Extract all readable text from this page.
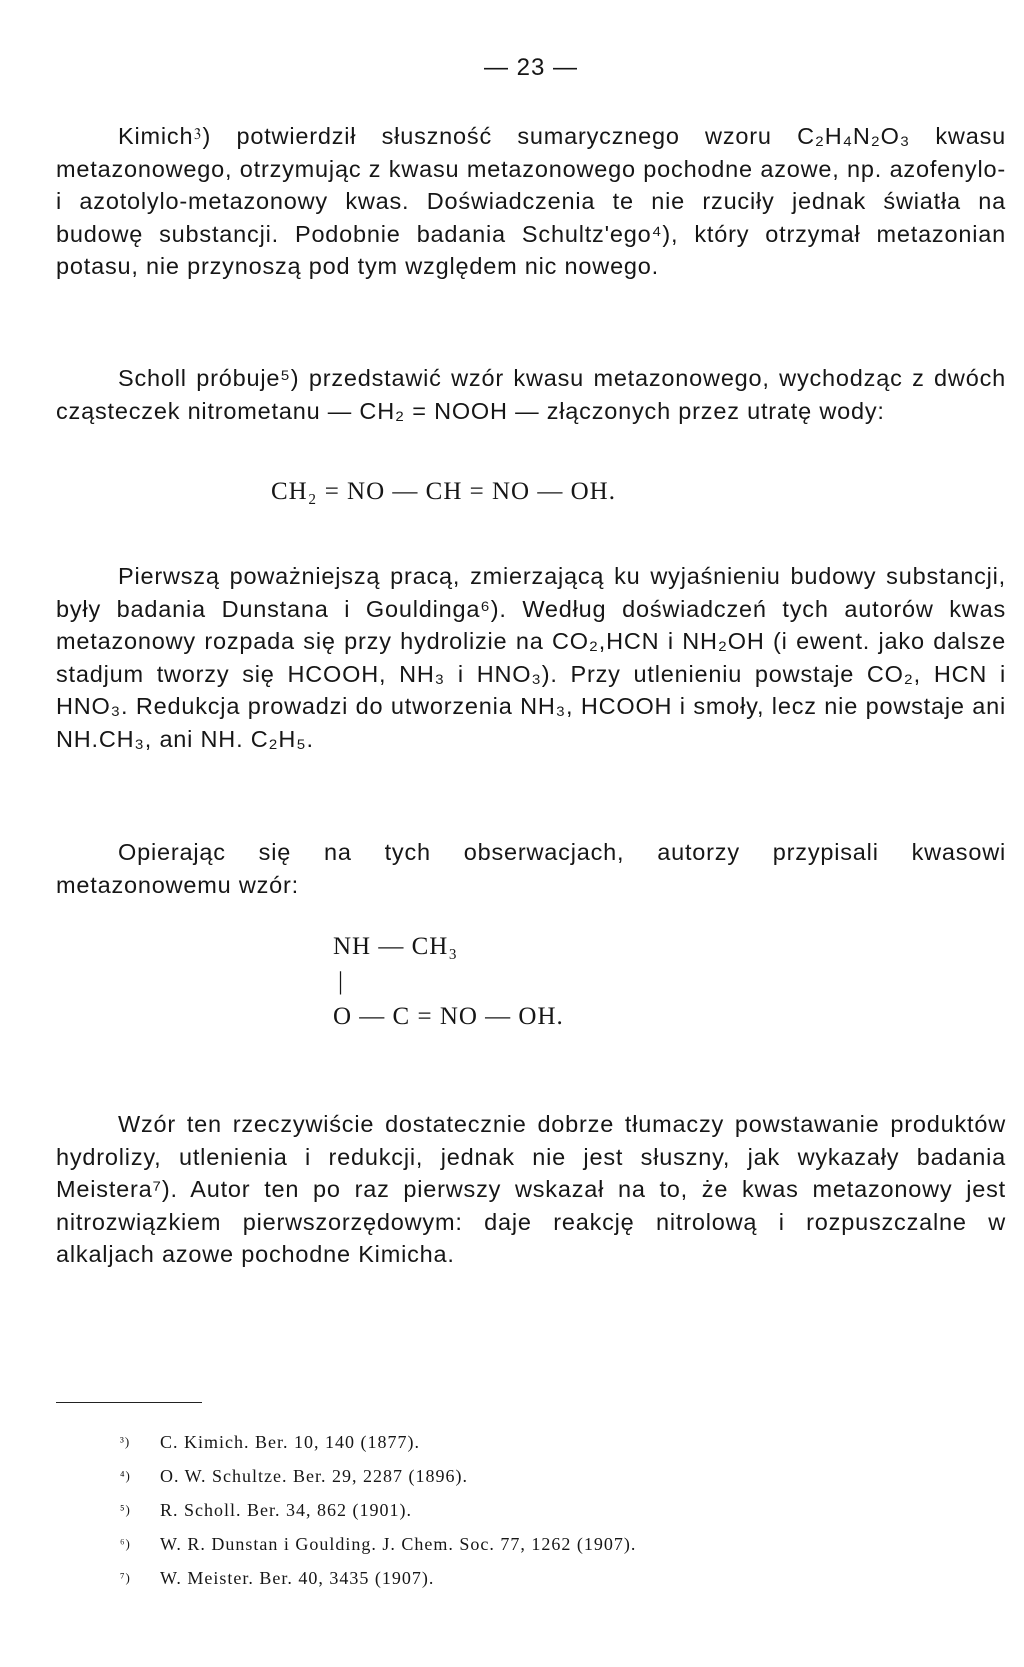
— 23 —

Kimich⁳) potwierdził słuszność sumarycznego wzoru C₂H₄N₂O₃ kwasu metazonowego, otrzymując z kwasu metazonowego pochodne azowe, np. azofenylo- i azotolylo-metazonowy kwas. Doświadczenia te nie rzuciły jednak światła na budowę substancji. Podobnie badania Schultz'ego⁴), który otrzymał metazonian potasu, nie przynoszą pod tym względem nic nowego.

Scholl próbuje⁵) przedstawić wzór kwasu metazonowego, wychodząc z dwóch cząsteczek nitrometanu — CH₂ = NOOH — złączonych przez utratę wody:

CH₂ = NO — CH = NO — OH.

Pierwszą poważniejszą pracą, zmierzającą ku wyjaśnieniu budowy substancji, były badania Dunstana i Gouldinga⁶). Według doświadczeń tych autorów kwas metazonowy rozpada się przy hydrolizie na CO₂,HCN i NH₂OH (i ewent. jako dalsze stadjum tworzy się HCOOH, NH₃ i HNO₃). Przy utlenieniu powstaje CO₂, HCN i HNO₃. Redukcja prowadzi do utworzenia NH₃, HCOOH i smoły, lecz nie powstaje ani NH.CH₃, ani NH. C₂H₅.

Opierając się na tych obserwacjach, autorzy przypisali kwasowi metazonowemu wzór:

NH — CH₃
|
O — C = NO — OH.

Wzór ten rzeczywiście dostatecznie dobrze tłumaczy powstawanie produktów hydrolizy, utlenienia i redukcji, jednak nie jest słuszny, jak wykazały badania Meistera⁷). Autor ten po raz pierwszy wskazał na to, że kwas metazonowy jest nitrozwiązkiem pierwszorzędowym: daje reakcję nitrolową i rozpuszczalne w alkaljach azowe pochodne Kimicha.

³)	C. Kimich. Ber. 10, 140 (1877).
⁴)	O. W. Schultze. Ber. 29, 2287 (1896).
⁵)	R. Scholl. Ber. 34, 862 (1901).
⁶)	W. R. Dunstan i Goulding. J. Chem. Soc. 77, 1262 (1907).
⁷)	W. Meister. Ber. 40, 3435 (1907).
